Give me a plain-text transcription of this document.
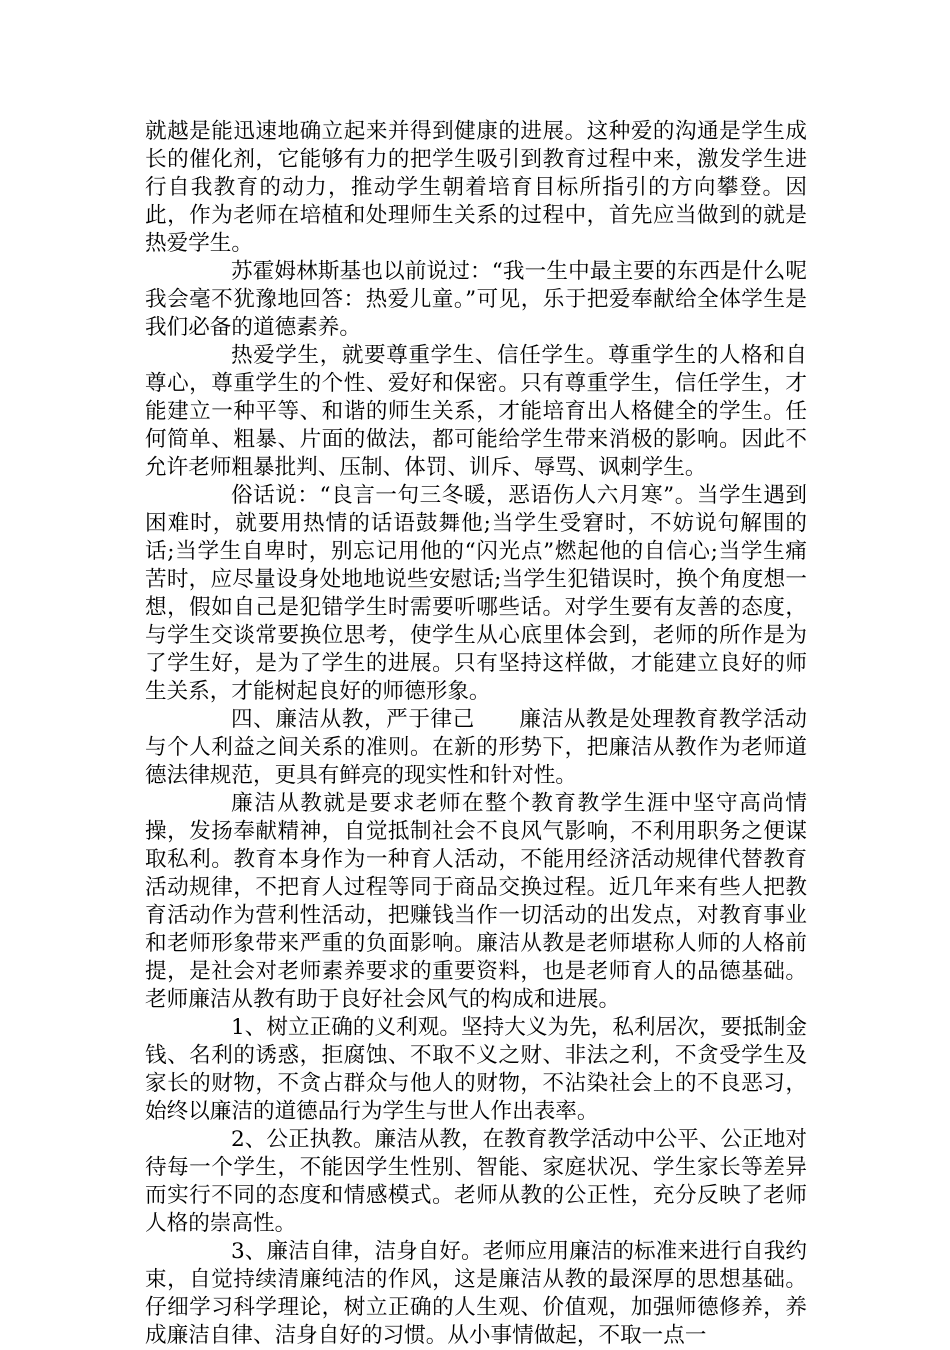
就越是能迅速地确立起来并得到健康的进展。这种爱的沟通是学生成长的催化剂，它能够有力的把学生吸引到教育过程中来，激发学生进行自我教育的动力，推动学生朝着培育目标所指引的方向攀登。因此，作为老师在培植和处理师生关系的过程中，首先应当做到的就是热爱学生。

苏霍姆林斯基也以前说过：“我一生中最主要的东西是什么呢我会毫不犹豫地回答：热爱儿童。”可见，乐于把爱奉献给全体学生是我们必备的道德素养。

热爱学生，就要尊重学生、信任学生。尊重学生的人格和自尊心，尊重学生的个性、爱好和保密。只有尊重学生，信任学生，才能建立一种平等、和谐的师生关系，才能培育出人格健全的学生。任何简单、粗暴、片面的做法，都可能给学生带来消极的影响。因此不允许老师粗暴批判、压制、体罚、训斥、辱骂、讽刺学生。

俗话说：“良言一句三冬暖，恶语伤人六月寒”。当学生遇到困难时，就要用热情的话语鼓舞他;当学生受窘时，不妨说句解围的话;当学生自卑时，别忘记用他的“闪光点”燃起他的自信心;当学生痛苦时，应尽量设身处地地说些安慰话;当学生犯错误时，换个角度想一想，假如自己是犯错学生时需要听哪些话。对学生要有友善的态度，与学生交谈常要换位思考，使学生从心底里体会到，老师的所作是为了学生好，是为了学生的进展。只有坚持这样做，才能建立良好的师生关系，才能树起良好的师德形象。

四、廉洁从教，严于律己 廉洁从教是处理教育教学活动与个人利益之间关系的准则。在新的形势下，把廉洁从教作为老师道德法律规范，更具有鲜亮的现实性和针对性。

廉洁从教就是要求老师在整个教育教学生涯中坚守高尚情操，发扬奉献精神，自觉抵制社会不良风气影响，不利用职务之便谋取私利。教育本身作为一种育人活动，不能用经济活动规律代替教育活动规律，不把育人过程等同于商品交换过程。近几年来有些人把教育活动作为营利性活动，把赚钱当作一切活动的出发点，对教育事业和老师形象带来严重的负面影响。廉洁从教是老师堪称人师的人格前提，是社会对老师素养要求的重要资料，也是老师育人的品德基础。老师廉洁从教有助于良好社会风气的构成和进展。

1、树立正确的义利观。坚持大义为先，私利居次，要抵制金钱、名利的诱惑，拒腐蚀、不取不义之财、非法之利，不贪受学生及家长的财物，不贪占群众与他人的财物，不沾染社会上的不良恶习，始终以廉洁的道德品行为学生与世人作出表率。

2、公正执教。廉洁从教，在教育教学活动中公平、公正地对待每一个学生，不能因学生性别、智能、家庭状况、学生家长等差异而实行不同的态度和情感模式。老师从教的公正性，充分反映了老师人格的崇高性。

3、廉洁自律，洁身自好。老师应用廉洁的标准来进行自我约束，自觉持续清廉纯洁的作风，这是廉洁从教的最深厚的思想基础。仔细学习科学理论，树立正确的人生观、价值观，加强师德修养，养成廉洁自律、洁身自好的习惯。从小事情做起，不取一点一
